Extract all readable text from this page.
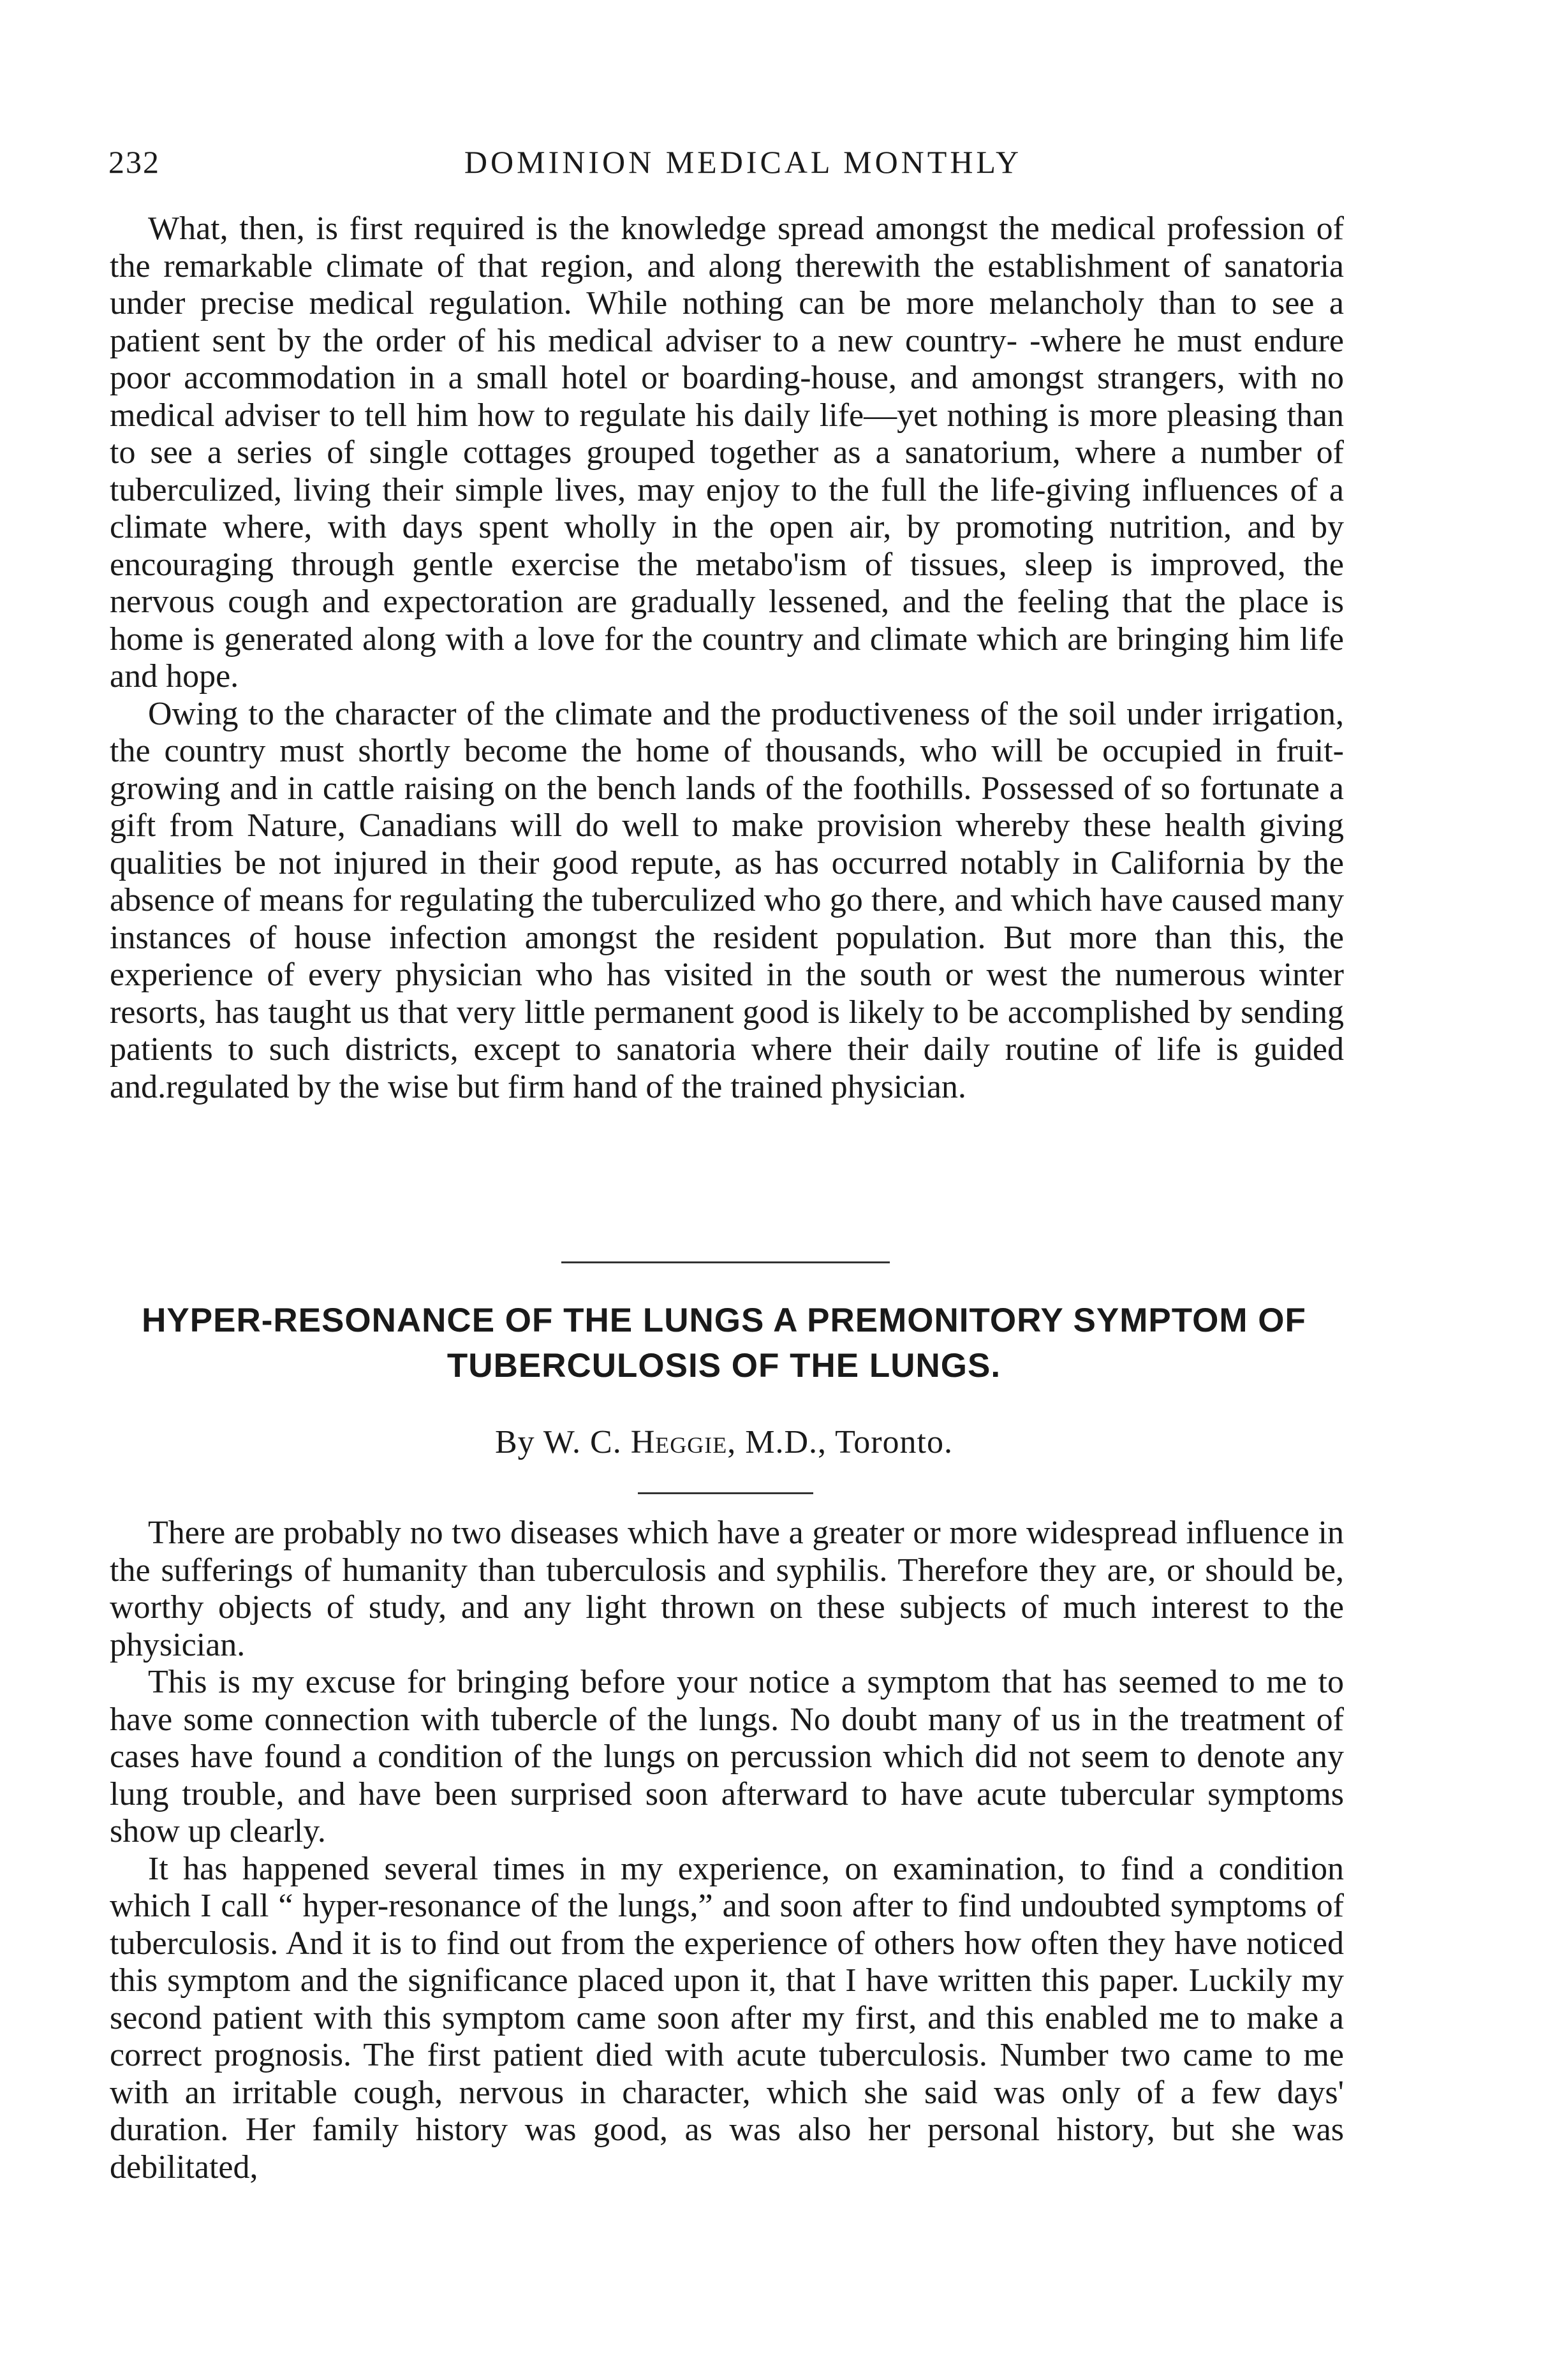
232	DOMINION MEDICAL MONTHLY

What, then, is first required is the knowledge spread amongst the medical profession of the remarkable climate of that region, and along therewith the establishment of sanatoria under precise medical regulation. While nothing can be more melancholy than to see a patient sent by the order of his medical adviser to a new country- -where he must endure poor accommodation in a small hotel or boarding-house, and amongst strangers, with no medical adviser to tell him how to regulate his daily life—yet nothing is more pleasing than to see a series of single cottages grouped together as a sanatorium, where a number of tuberculized, living their simple lives, may enjoy to the full the life-giving influences of a climate where, with days spent wholly in the open air, by promoting nutrition, and by encouraging through gentle exercise the metabo'ism of tissues, sleep is improved, the nervous cough and expectoration are gradually lessened, and the feeling that the place is home is generated along with a love for the country and climate which are bringing him life and hope.

Owing to the character of the climate and the productiveness of the soil under irrigation, the country must shortly become the home of thousands, who will be occupied in fruit-growing and in cattle raising on the bench lands of the foothills. Possessed of so fortunate a gift from Nature, Canadians will do well to make provision whereby these health giving qualities be not injured in their good repute, as has occurred notably in California by the absence of means for regulating the tuberculized who go there, and which have caused many instances of house infection amongst the resident population. But more than this, the experience of every physician who has visited in the south or west the numerous winter resorts, has taught us that very little permanent good is likely to be accomplished by sending patients to such districts, except to sanatoria where their daily routine of life is guided and.regulated by the wise but firm hand of the trained physician.

HYPER-RESONANCE OF THE LUNGS A PREMONITORY SYMPTOM OF TUBERCULOSIS OF THE LUNGS.
By W. C. Heggie, M.D., Toronto.

There are probably no two diseases which have a greater or more widespread influence in the sufferings of humanity than tuberculosis and syphilis. Therefore they are, or should be, worthy objects of study, and any light thrown on these subjects of much interest to the physician.

This is my excuse for bringing before your notice a symptom that has seemed to me to have some connection with tubercle of the lungs. No doubt many of us in the treatment of cases have found a condition of the lungs on percussion which did not seem to denote any lung trouble, and have been surprised soon afterward to have acute tubercular symptoms show up clearly.

It has happened several times in my experience, on examination, to find a condition which I call “ hyper-resonance of the lungs,” and soon after to find undoubted symptoms of tuberculosis. And it is to find out from the experience of others how often they have noticed this symptom and the significance placed upon it, that I have written this paper. Luckily my second patient with this symptom came soon after my first, and this enabled me to make a correct prognosis. The first patient died with acute tuberculosis. Number two came to me with an irritable cough, nervous in character, which she said was only of a few days' duration. Her family history was good, as was also her personal history, but she was debilitated,
